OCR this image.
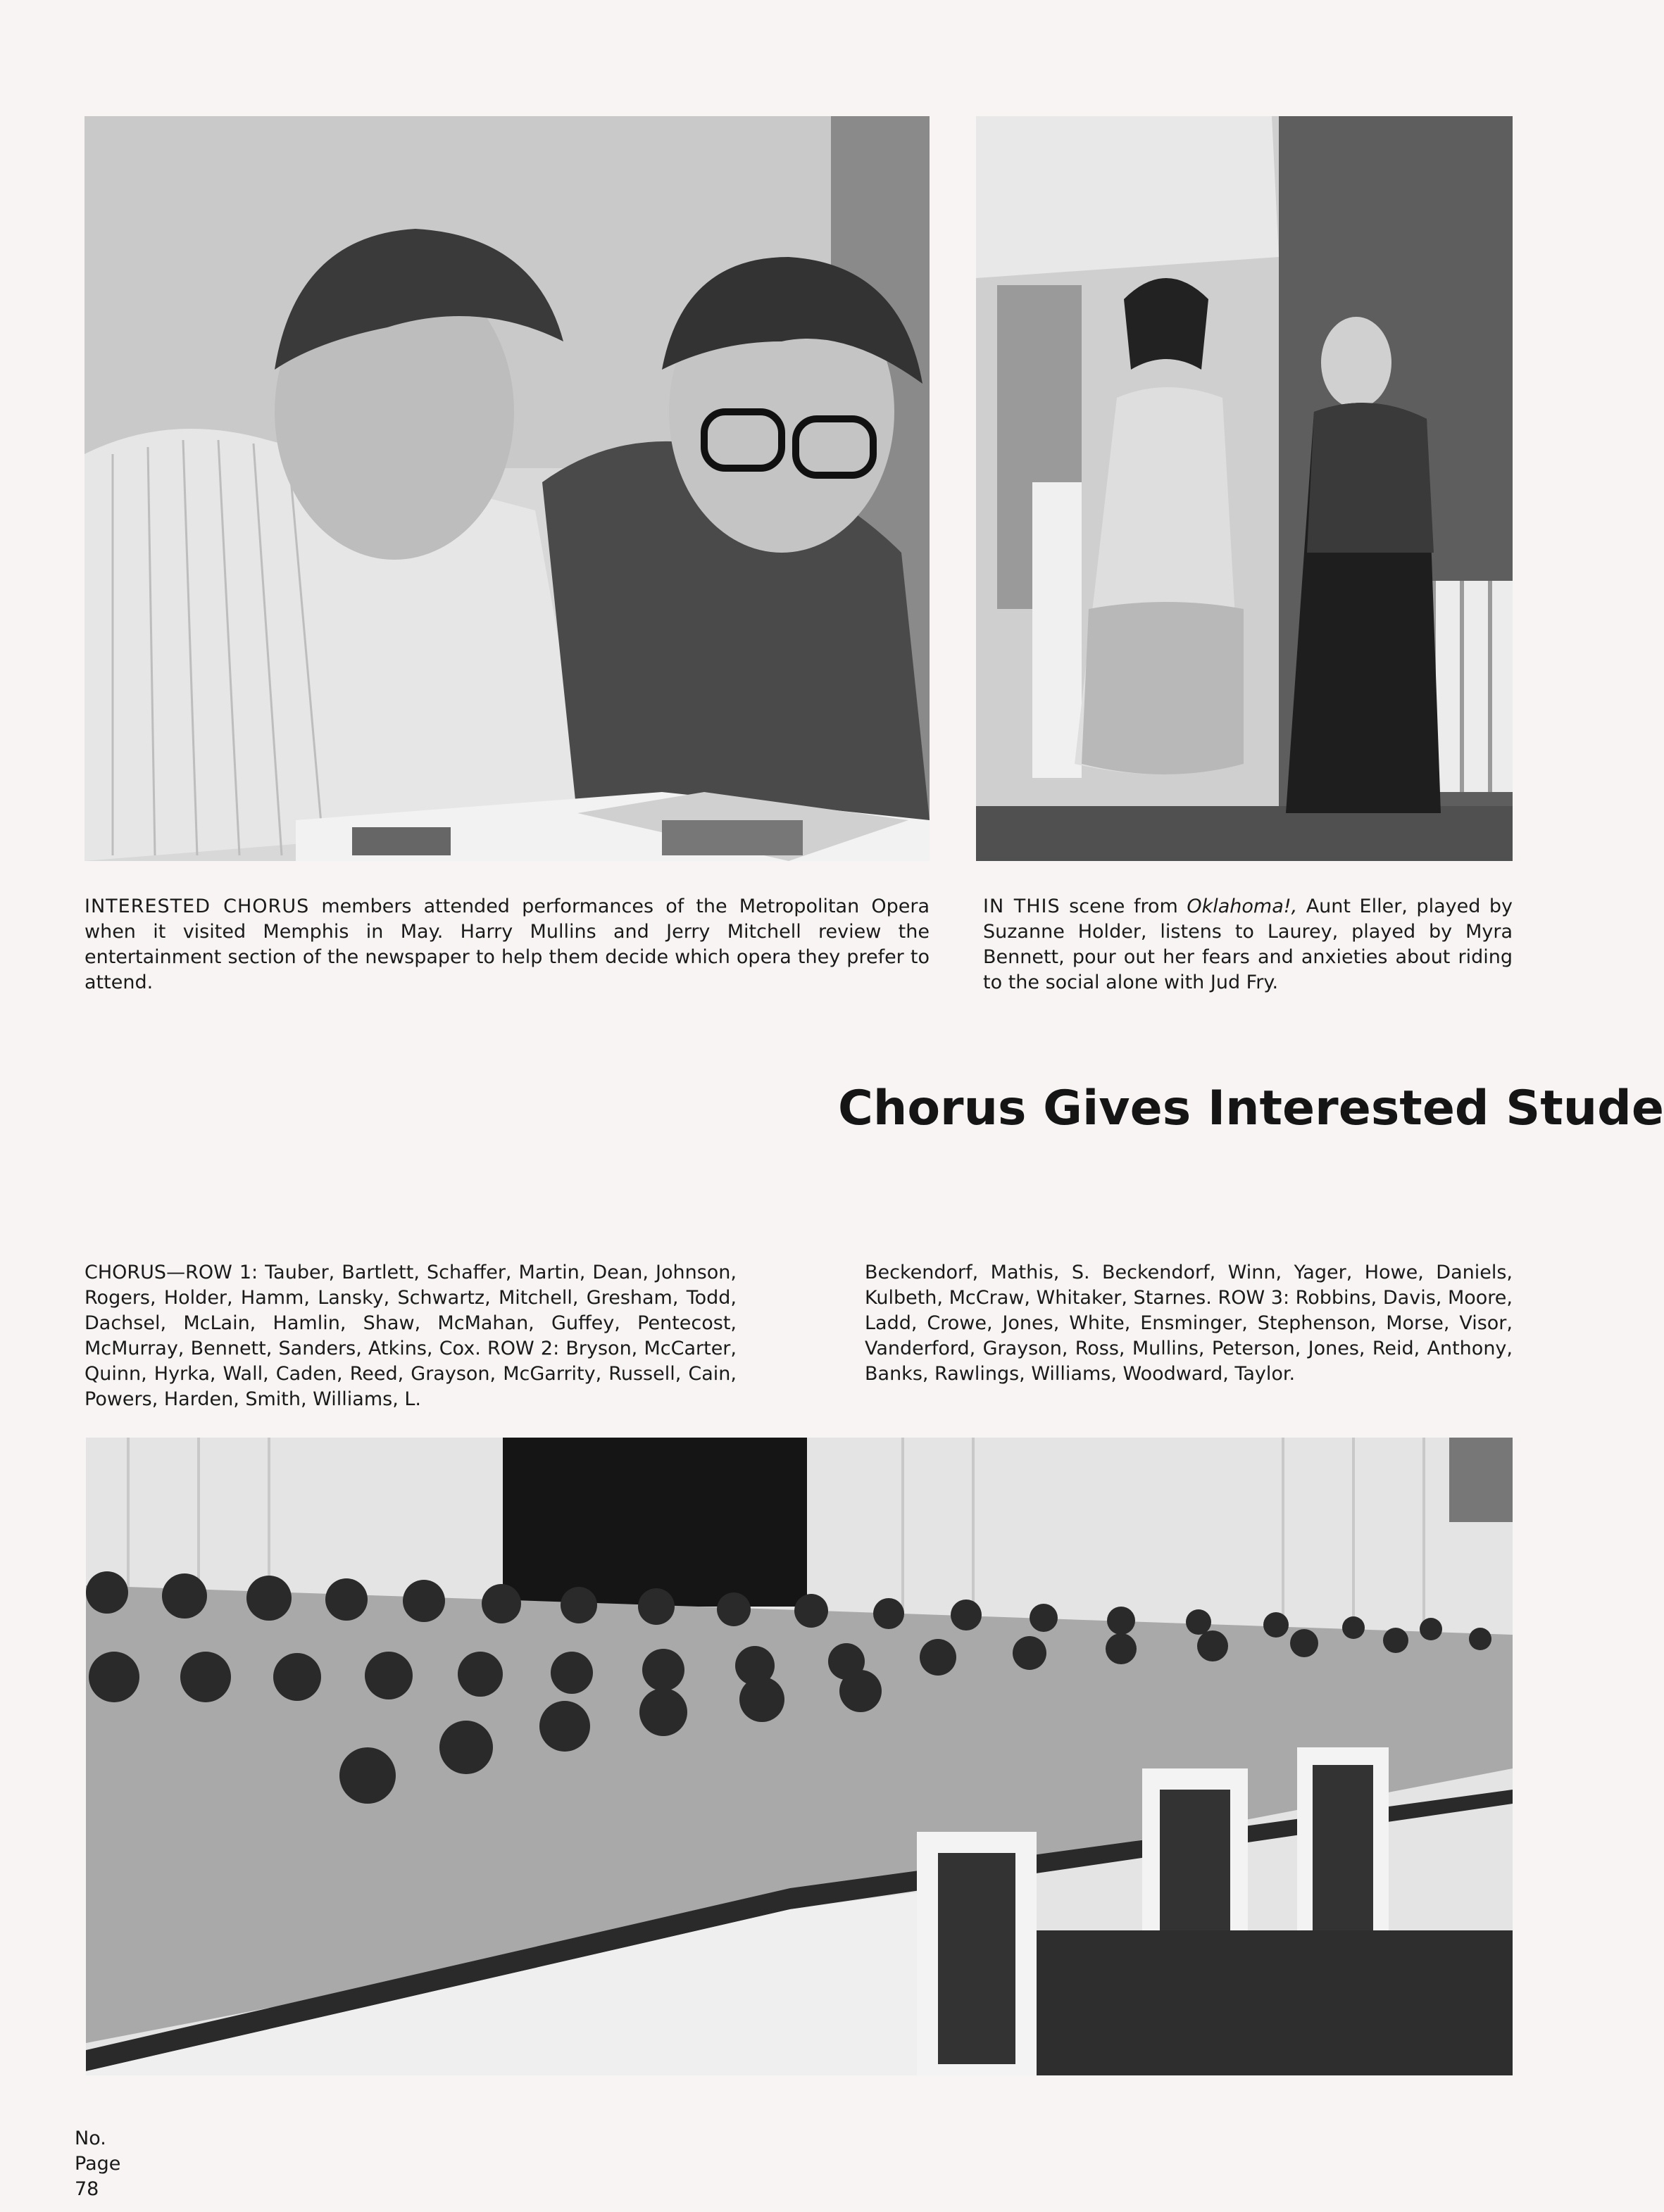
INTERESTED CHORUS members attended performances of the Metropolitan Opera when it visited Memphis in May. Harry Mullins and Jerry Mitchell review the entertainment section of the newspaper to help them decide which opera they prefer to attend.

IN THIS scene from Oklahoma!, Aunt Eller, played by Suzanne Holder, listens to Laurey, played by Myra Bennett, pour out her fears and anxieties about riding to the social alone with Jud Fry.

Chorus Gives Interested Stude

CHORUS—ROW 1: Tauber, Bartlett, Schaffer, Martin, Dean, Johnson, Rogers, Holder, Hamm, Lansky, Schwartz, Mitchell, Gresham, Todd, Dachsel, McLain, Hamlin, Shaw, McMahan, Guffey, Pentecost, McMurray, Bennett, Sanders, Atkins, Cox. ROW 2: Bryson, McCarter, Quinn, Hyrka, Wall, Caden, Reed, Grayson, McGarrity, Russell, Cain, Powers, Harden, Smith, Williams, L.

Beckendorf, Mathis, S. Beckendorf, Winn, Yager, Howe, Daniels, Kulbeth, McCraw, Whitaker, Starnes. ROW 3: Robbins, Davis, Moore, Ladd, Crowe, Jones, White, Ensminger, Stephenson, Morse, Visor, Vanderford, Grayson, Ross, Mullins, Peterson, Jones, Reid, Anthony, Banks, Rawlings, Williams, Woodward, Taylor.

No.
Page
78
